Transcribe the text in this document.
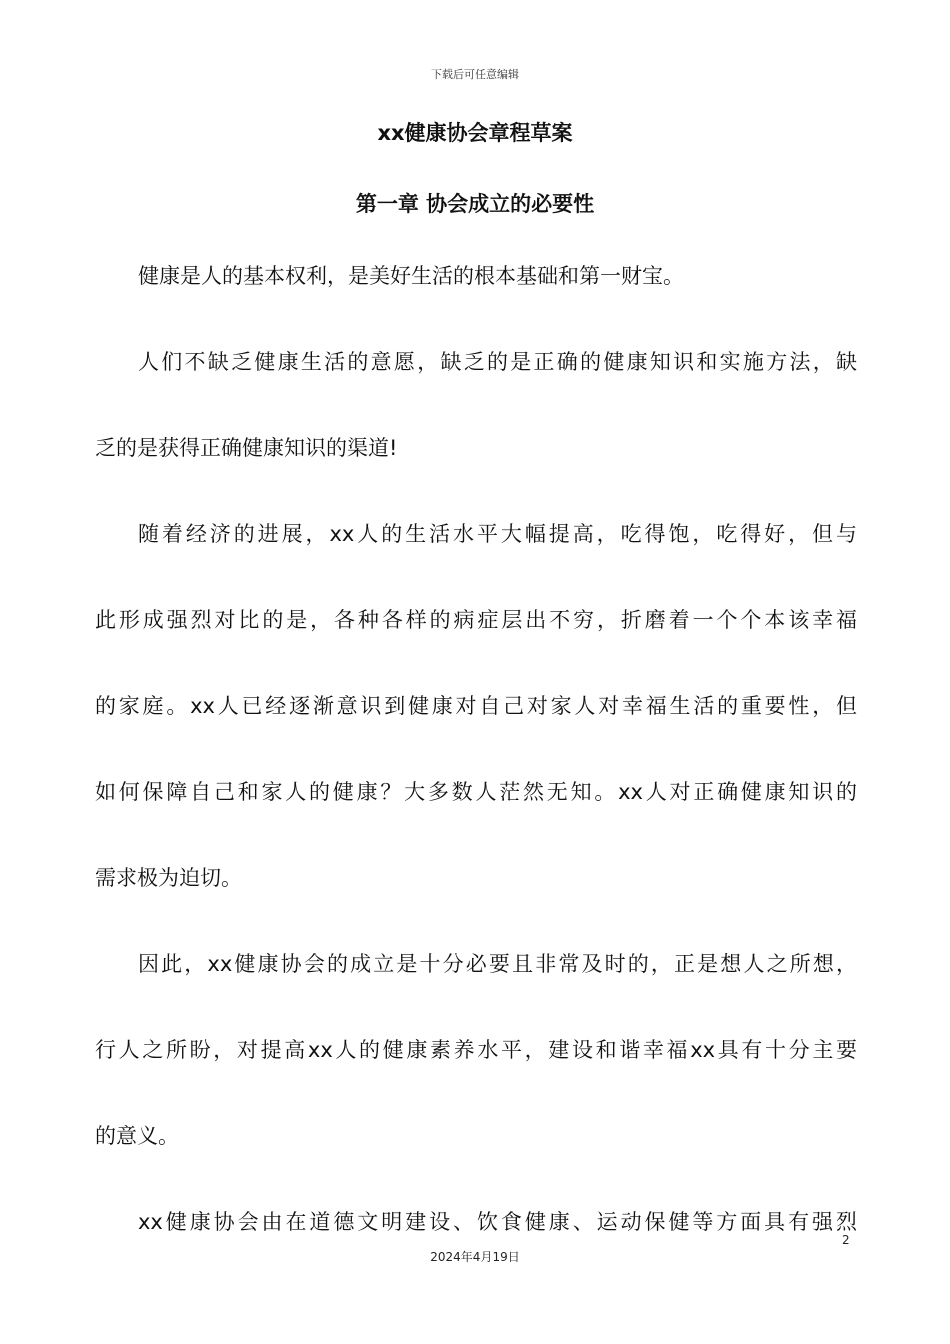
下载后可任意编辑
xx健康协会章程草案
第一章 协会成立的必要性
健康是人的基本权利，是美好生活的根本基础和第一财宝。
人们不缺乏健康生活的意愿，缺乏的是正确的健康知识和实施方法，缺
乏的是获得正确健康知识的渠道!
随着经济的进展，xx人的生活水平大幅提高，吃得饱，吃得好，但与
此形成强烈对比的是，各种各样的病症层出不穷，折磨着一个个本该幸福
的家庭。xx人已经逐渐意识到健康对自己对家人对幸福生活的重要性，但
如何保障自己和家人的健康？大多数人茫然无知。xx人对正确健康知识的
需求极为迫切。
因此，xx健康协会的成立是十分必要且非常及时的，正是想人之所想，
行人之所盼，对提高xx人的健康素养水平，建设和谐幸福xx具有十分主要
的意义。
xx健康协会由在道德文明建设、饮食健康、运动保健等方面具有强烈
2
2024年4月19日
